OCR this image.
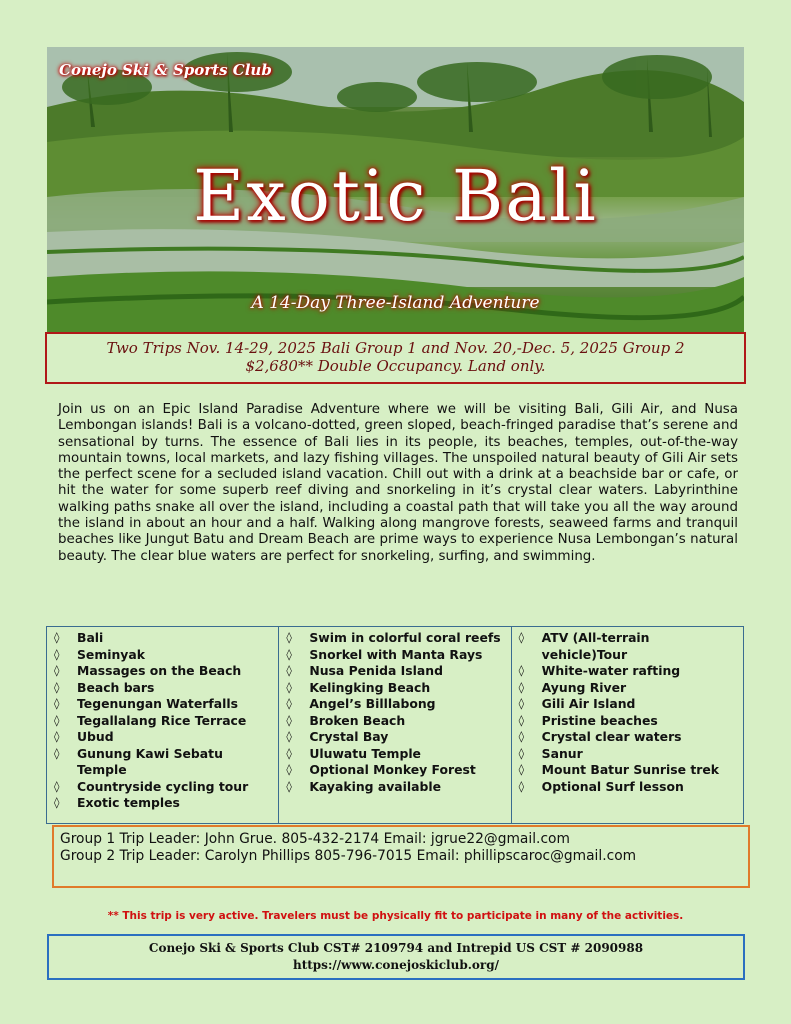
Conejo Ski & Sports Club
Exotic Bali
A 14-Day Three-Island Adventure
Two Trips Nov. 14-29, 2025 Bali Group 1 and Nov. 20,-Dec. 5, 2025 Group 2
$2,680** Double Occupancy. Land only.
Join us on an Epic Island Paradise Adventure where we will be visiting Bali, Gili Air, and Nusa Lembongan islands! Bali is a volcano-dotted, green sloped, beach-fringed paradise that’s serene and sensational by turns. The essence of Bali lies in its people, its beaches, temples, out-of-the-way mountain towns, local markets, and lazy fishing villages. The unspoiled natural beauty of Gili Air sets the perfect scene for a secluded island vacation. Chill out with a drink at a beachside bar or cafe, or hit the water for some superb reef diving and snorkeling in it’s crystal clear waters. Labyrinthine walking paths snake all over the island, including a coastal path that will take you all the way around the island in about an hour and a half. Walking along mangrove forests, seaweed farms and tranquil beaches like Jungut Batu and Dream Beach are prime ways to experience Nusa Lembongan’s natural beauty. The clear blue waters are perfect for snorkeling, surfing, and swimming.
◊ Bali
◊ Seminyak
◊ Massages on the Beach
◊ Beach bars
◊ Tegenungan Waterfalls
◊ Tegallalang Rice Terrace
◊ Ubud
◊ Gunung Kawi Sebatu Temple
◊ Countryside cycling tour
◊ Exotic temples
◊ Swim in colorful coral reefs
◊ Snorkel with Manta Rays
◊ Nusa Penida Island
◊ Kelingking Beach
◊ Angel’s Billlabong
◊ Broken Beach
◊ Crystal Bay
◊ Uluwatu Temple
◊ Optional Monkey Forest
◊ Kayaking available
◊ ATV (All-terrain vehicle)Tour
◊ White-water rafting
◊ Ayung River
◊ Gili Air Island
◊ Pristine beaches
◊ Crystal clear waters
◊ Sanur
◊ Mount Batur Sunrise trek
◊ Optional Surf lesson
Group 1 Trip Leader: John Grue. 805-432-2174 Email: jgrue22@gmail.com
Group 2 Trip Leader: Carolyn Phillips 805-796-7015 Email: phillipscaroc@gmail.com
** This trip is very active. Travelers must be physically fit to participate in many of the activities.
Conejo Ski & Sports Club CST# 2109794 and Intrepid US CST # 2090988
https://www.conejoskiclub.org/
